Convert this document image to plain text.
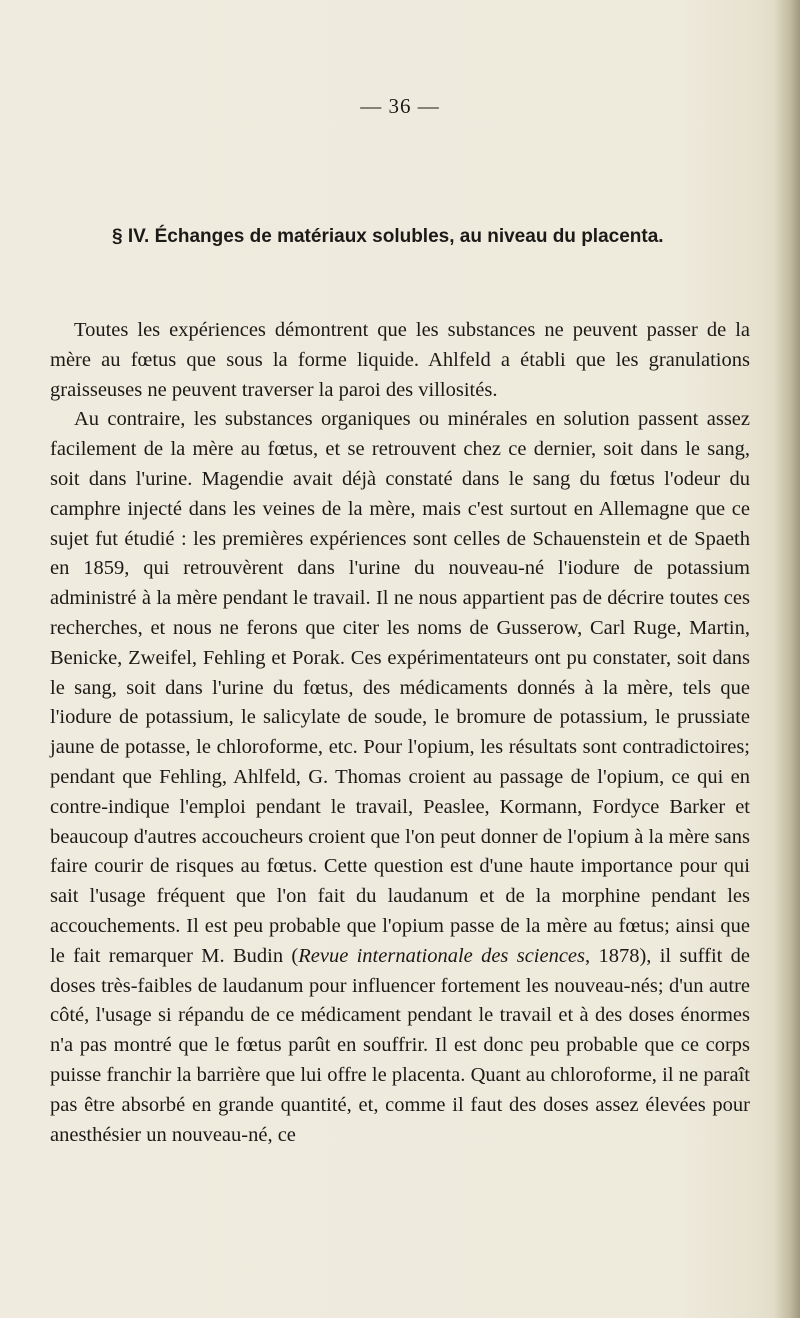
— 36 —
§ IV. Échanges de matériaux solubles, au niveau du placenta.

Toutes les expériences démontrent que les substances ne peuvent passer de la mère au fœtus que sous la forme liquide. Ahlfeld a établi que les granulations graisseuses ne peuvent traverser la paroi des villosités.

Au contraire, les substances organiques ou minérales en solution passent assez facilement de la mère au fœtus, et se retrouvent chez ce dernier, soit dans le sang, soit dans l'urine. Magendie avait déjà constaté dans le sang du fœtus l'odeur du camphre injecté dans les veines de la mère, mais c'est surtout en Allemagne que ce sujet fut étudié : les premières expériences sont celles de Schauenstein et de Spaeth en 1859, qui retrouvèrent dans l'urine du nouveau-né l'iodure de potassium administré à la mère pendant le travail. Il ne nous appartient pas de décrire toutes ces recherches, et nous ne ferons que citer les noms de Gusserow, Carl Ruge, Martin, Benicke, Zweifel, Fehling et Porak. Ces expérimentateurs ont pu constater, soit dans le sang, soit dans l'urine du fœtus, des médicaments donnés à la mère, tels que l'iodure de potassium, le salicylate de soude, le bromure de potassium, le prussiate jaune de potasse, le chloroforme, etc. Pour l'opium, les résultats sont contradictoires; pendant que Fehling, Ahlfeld, G. Thomas croient au passage de l'opium, ce qui en contre-indique l'emploi pendant le travail, Peaslee, Kormann, Fordyce Barker et beaucoup d'autres accoucheurs croient que l'on peut donner de l'opium à la mère sans faire courir de risques au fœtus. Cette question est d'une haute importance pour qui sait l'usage fréquent que l'on fait du laudanum et de la morphine pendant les accouchements. Il est peu probable que l'opium passe de la mère au fœtus; ainsi que le fait remarquer M. Budin (Revue internationale des sciences, 1878), il suffit de doses très-faibles de laudanum pour influencer fortement les nouveau-nés; d'un autre côté, l'usage si répandu de ce médicament pendant le travail et à des doses énormes n'a pas montré que le fœtus parût en souffrir. Il est donc peu probable que ce corps puisse franchir la barrière que lui offre le placenta. Quant au chloroforme, il ne paraît pas être absorbé en grande quantité, et, comme il faut des doses assez élevées pour anesthésier un nouveau-né, ce
